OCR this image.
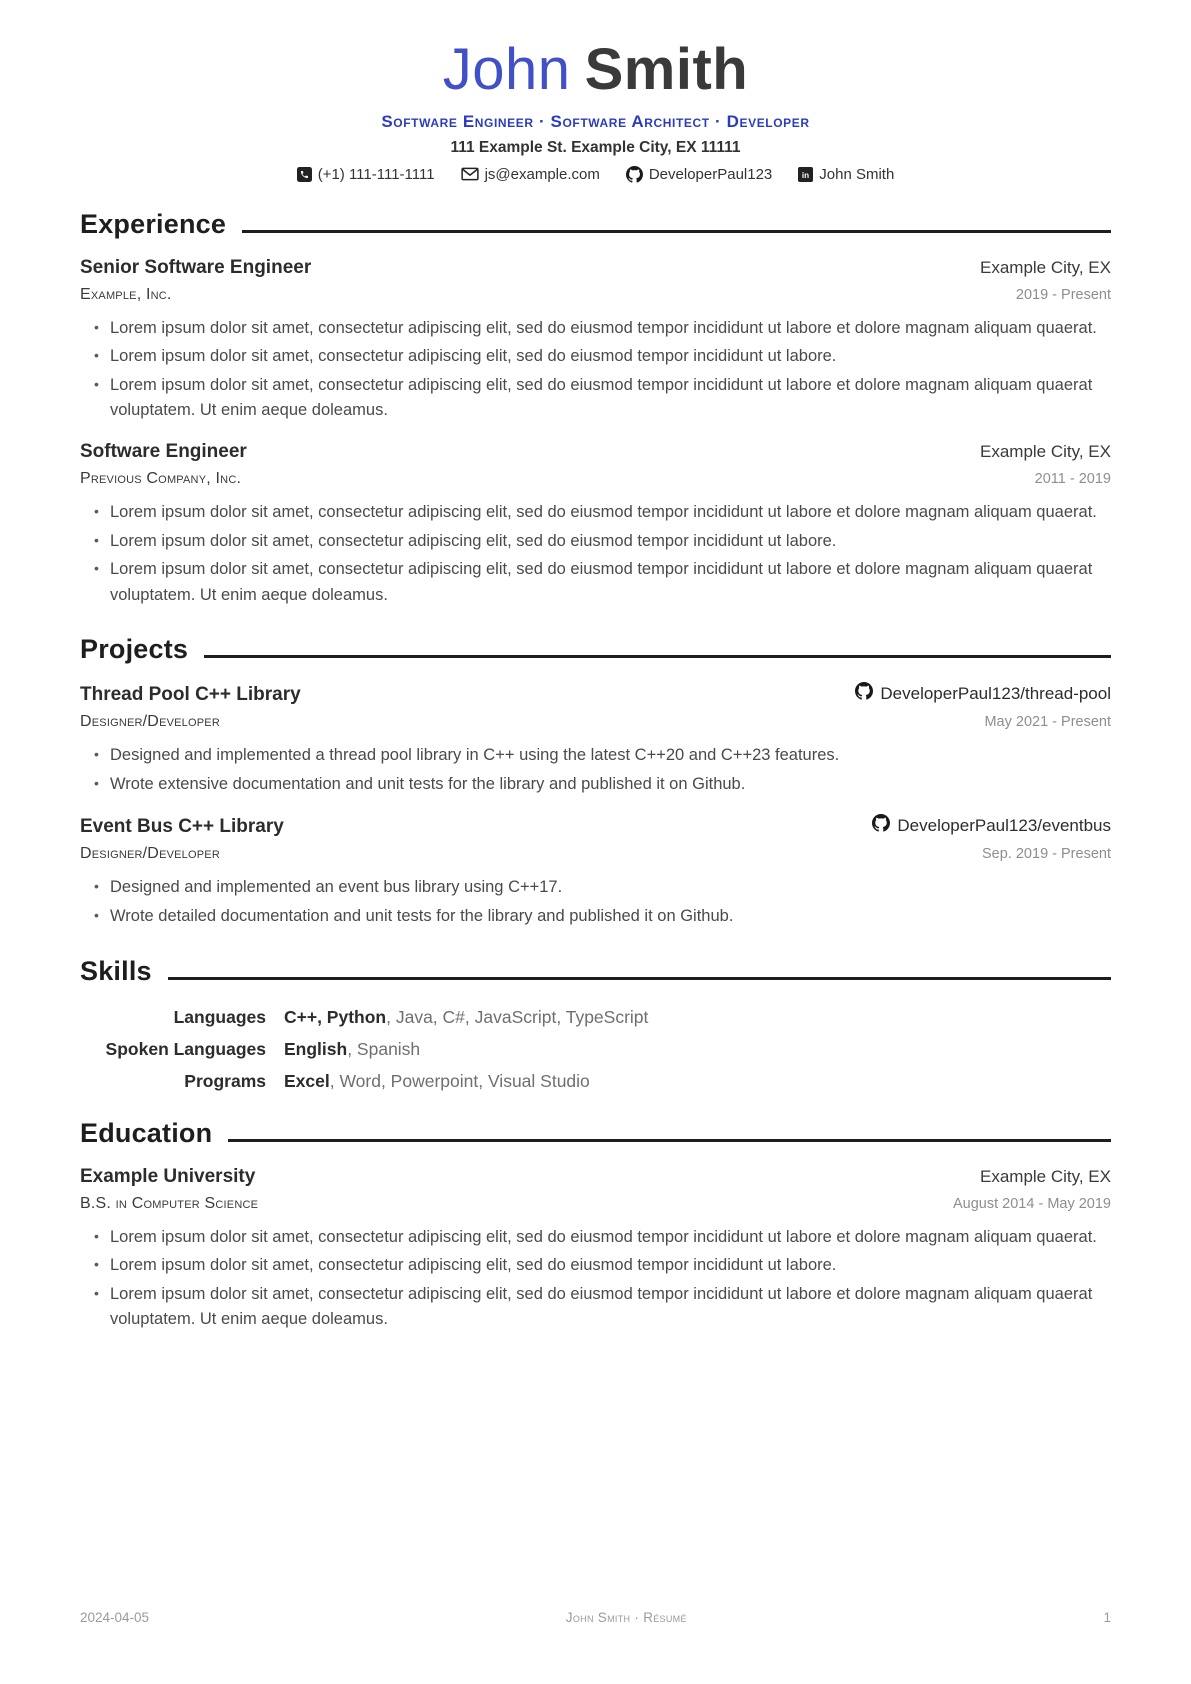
John Smith
Software Engineer · Software Architect · Developer
111 Example St. Example City, EX 11111
(+1) 111-111-1111	js@example.com	DeveloperPaul123 in John Smith
Experience
Senior Software Engineer	Example City, EX
Example, Inc.	2019 - Present
• Lorem ipsum dolor sit amet, consectetur adipiscing elit, sed do eiusmod tempor incididunt ut labore et dolore magnam aliquam quaerat.
• Lorem ipsum dolor sit amet, consectetur adipiscing elit, sed do eiusmod tempor incididunt ut labore.
• Lorem ipsum dolor sit amet, consectetur adipiscing elit, sed do eiusmod tempor incididunt ut labore et dolore magnam aliquam quaerat voluptatem. Ut enim aeque doleamus.
Software Engineer	Example City, EX
Previous Company, Inc.	2011 - 2019
• Lorem ipsum dolor sit amet, consectetur adipiscing elit, sed do eiusmod tempor incididunt ut labore et dolore magnam aliquam quaerat.
• Lorem ipsum dolor sit amet, consectetur adipiscing elit, sed do eiusmod tempor incididunt ut labore.
• Lorem ipsum dolor sit amet, consectetur adipiscing elit, sed do eiusmod tempor incididunt ut labore et dolore magnam aliquam quaerat voluptatem. Ut enim aeque doleamus.
Projects
Thread Pool C++ Library	DeveloperPaul123/thread-pool
Designer/Developer	May 2021 - Present
• Designed and implemented a thread pool library in C++ using the latest C++20 and C++23 features.
• Wrote extensive documentation and unit tests for the library and published it on Github.
Event Bus C++ Library	DeveloperPaul123/eventbus
Designer/Developer	Sep. 2019 - Present
• Designed and implemented an event bus library using C++17.
• Wrote detailed documentation and unit tests for the library and published it on Github.
Skills
Languages C++, Python, Java, C#, JavaScript, TypeScript
Spoken Languages English, Spanish
Programs Excel, Word, Powerpoint, Visual Studio
Education
Example University	Example City, EX
B.S. in Computer Science	August 2014 - May 2019
• Lorem ipsum dolor sit amet, consectetur adipiscing elit, sed do eiusmod tempor incididunt ut labore et dolore magnam aliquam quaerat.
• Lorem ipsum dolor sit amet, consectetur adipiscing elit, sed do eiusmod tempor incididunt ut labore.
• Lorem ipsum dolor sit amet, consectetur adipiscing elit, sed do eiusmod tempor incididunt ut labore et dolore magnam aliquam quaerat voluptatem. Ut enim aeque doleamus.
2024-04-05	John Smith · Résumé	1
